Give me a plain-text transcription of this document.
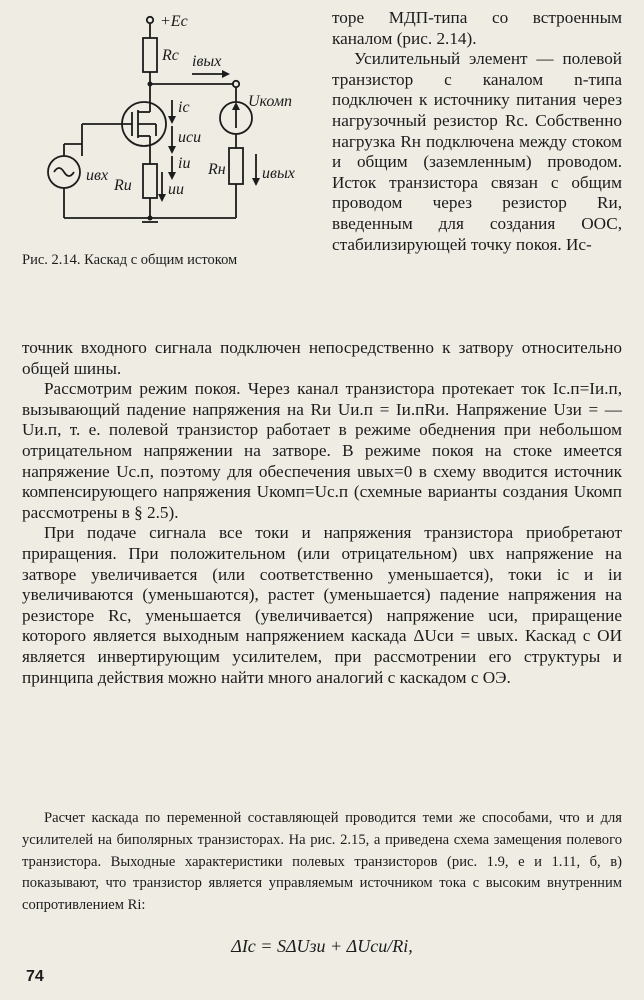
+Еc
Rc iвых
Uкомп
ic
uси
iи
uвх
Rи uи
Rн uвых
Рис. 2.14. Каскад с общим истоком

торе МДП-типа со встроенным каналом (рис. 2.14).

Усилительный элемент — полевой транзистор с каналом n-типа подключен к источнику питания через нагрузочный резистор Rс. Собственно нагрузка Rн подключена между стоком и общим (заземленным) проводом. Исток транзистора связан с общим проводом через резистор Rи, введенным для создания ООС, стабилизирующей точку покоя. Ис-

точник входного сигнала подключен непосредственно к затвору относительно общей шины.

Рассмотрим режим покоя. Через канал транзистора протекает ток Iс.п=Iи.п, вызывающий падение напряжения на Rи Uи.п = Iи.пRи. Напряжение Uзи = —Uи.п, т. е. полевой транзистор работает в режиме обеднения при небольшом отрицательном напряжении на затворе. В режиме покоя на стоке имеется напряжение Uс.п, поэтому для обеспечения uвых=0 в схему вводится источник компенсирующего напряжения Uкомп=Uс.п (схемные варианты создания Uкомп рассмотрены в § 2.5).

При подаче сигнала все токи и напряжения транзистора приобретают приращения. При положительном (или отрицательном) uвх напряжение на затворе увеличивается (или соответственно уменьшается), токи iс и iи увеличиваются (уменьшаются), растет (уменьшается) падение напряжения на резисторе Rс, уменьшается (увеличивается) напряжение uси, приращение которого является выходным напряжением каскада ΔUси = uвых. Каскад с ОИ является инвертирующим усилителем, при рассмотрении его структуры и принципа действия можно найти много аналогий с каскадом с ОЭ.

Расчет каскада по переменной составляющей проводится теми же способами, что и для усилителей на биполярных транзисторах. На рис. 2.15, а приведена схема замещения полевого транзистора. Выходные характеристики полевых транзисторов (рис. 1.9, е и 1.11, б, в) показывают, что транзистор является управляемым источником тока с высоким внутренним сопротивлением Ri:

ΔIc = SΔUзи + ΔUси/Ri,
74
